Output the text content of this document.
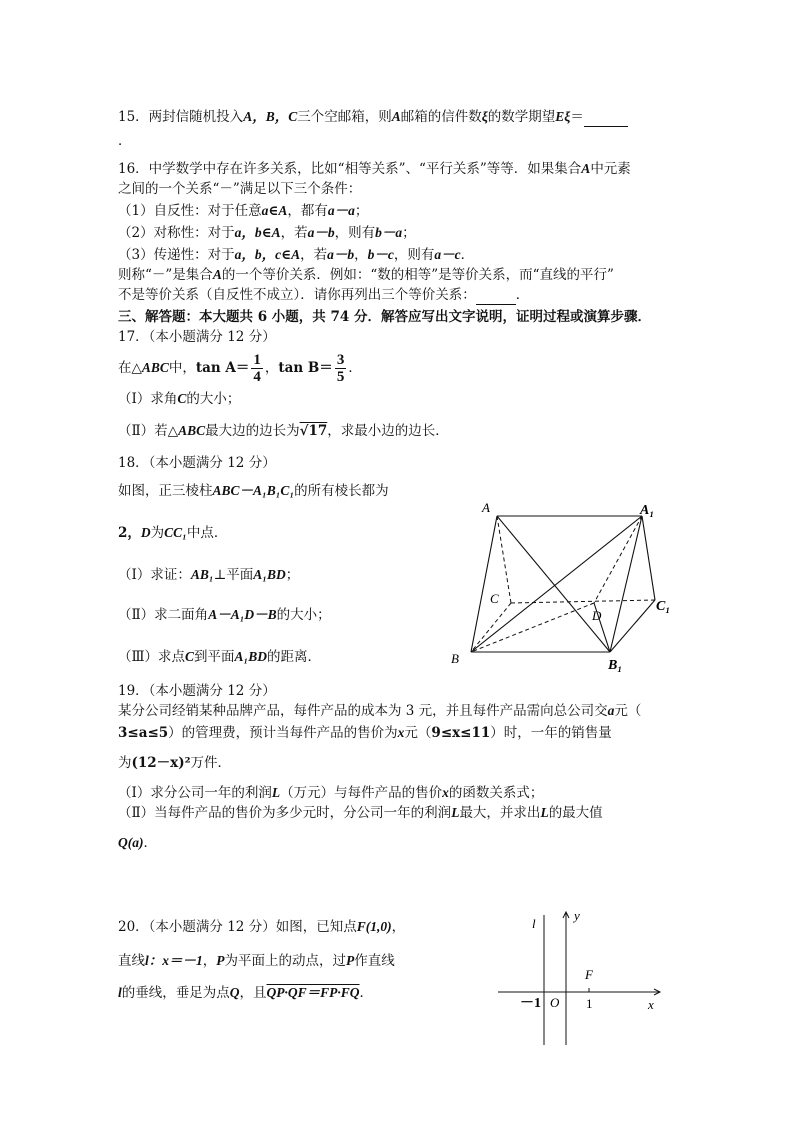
15．两封信随机投入A，B，C三个空邮箱，则A邮箱的信件数ξ的数学期望Eξ＝
．
16．中学数学中存在许多关系，比如“相等关系”、“平行关系”等等．如果集合A中元素
之间的一个关系“－”满足以下三个条件：
（1）自反性：对于任意a∈A，都有a－a；
（2）对称性：对于a，b∈A，若a－b，则有b－a；
（3）传递性：对于a，b，c∈A，若a－b，b－c，则有a－c．
则称“－”是集合A的一个等价关系．例如：“数的相等”是等价关系，而“直线的平行”
不是等价关系（自反性不成立）．请你再列出三个等价关系：	．
三、解答题：本大题共 6 小题，共 74 分．解答应写出文字说明，证明过程或演算步骤．
17．（本小题满分 12 分）
在△ABC中，$\tan A= \frac{1}{4}$ ，$\tan B= \frac{3}{5}$ ．
（Ⅰ）求角C的大小；
（Ⅱ）若△ABC最大边的边长为√17，求最小边的边长．
18．（本小题满分 12 分）
如图，正三棱柱ABC－A₁B₁C₁的所有棱长都为
2，D为CC₁中点．
（Ⅰ）求证：AB₁⊥平面A₁BD；
（Ⅱ）求二面角A－A₁D－B的大小；
（Ⅲ）求点C到平面A₁BD的距离．
A	A₁
C
D
C₁
B	B₁
19．（本小题满分 12 分）
某分公司经销某种品牌产品，每件产品的成本为 3 元，并且每件产品需向总公司交a元（
3≤a≤5）的管理费，预计当每件产品的售价为x元（9≤x≤11）时，一年的销售量
为(12－x)²万件．
（Ⅰ）求分公司一年的利润L（万元）与每件产品的售价x的函数关系式；
（Ⅱ）当每件产品的售价为多少元时，分公司一年的利润L最大，并求出L的最大值
Q(a)．
20．（本小题满分 12 分）如图，已知点F(1,0)，
直线l：x＝－1，P为平面上的动点，过P作直线
l的垂线，垂足为点Q，且QP·QF＝FP·FQ．
l
y
x
F
－1 O 1
